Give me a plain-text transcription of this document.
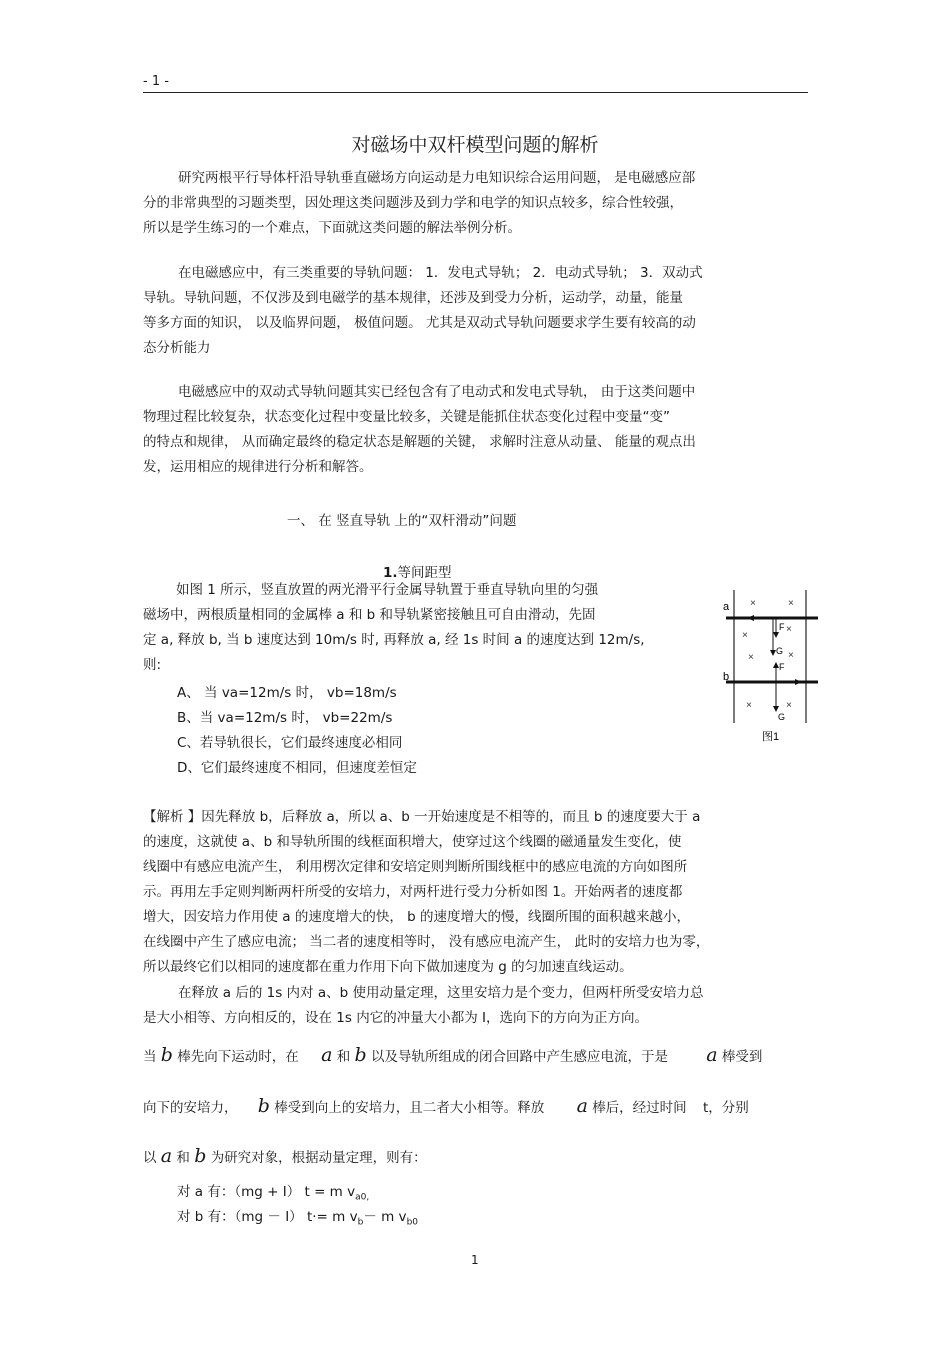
- 1 -
对磁场中双杆模型问题的解析
研究两根平行导体杆沿导轨垂直磁场方向运动是力电知识综合运用问题， 是电磁感应部
分的非常典型的习题类型，因处理这类问题涉及到力学和电学的知识点较多，综合性较强，
所以是学生练习的一个难点，下面就这类问题的解法举例分析。
在电磁感应中，有三类重要的导轨问题： 1．发电式导轨； 2．电动式导轨； 3．双动式
导轨。导轨问题，不仅涉及到电磁学的基本规律，还涉及到受力分析，运动学，动量，能量
等多方面的知识， 以及临界问题， 极值问题。 尤其是双动式导轨问题要求学生要有较高的动
态分析能力
电磁感应中的双动式导轨问题其实已经包含有了电动式和发电式导轨， 由于这类问题中
物理过程比较复杂，状态变化过程中变量比较多，关键是能抓住状态变化过程中变量“变”
的特点和规律， 从而确定最终的稳定状态是解题的关键， 求解时注意从动量、 能量的观点出
发，运用相应的规律进行分析和解答。
一、 在 竖直导轨 上的“双杆滑动”问题
1.等间距型
如图 1 所示，竖直放置的两光滑平行金属导轨置于垂直导轨向里的匀强
磁场中，两根质量相同的金属棒 a 和 b 和导轨紧密接触且可自由滑动，先固
定 a, 释放 b, 当 b 速度达到 10m/s 时, 再释放 a, 经 1s 时间 a 的速度达到 12m/s,
则:
A、 当 va=12m/s 时， vb=18m/s
B、当 va=12m/s 时， vb=22m/s
C、若导轨很长，它们最终速度必相同
D、它们最终速度不相同，但速度差恒定
a
b
×	×
×
×
×	×
×	×
F
G
F
G
图1
【解析 】因先释放 b，后释放 a，所以 a、b 一开始速度是不相等的，而且 b 的速度要大于 a
的速度，这就使 a、b 和导轨所围的线框面积增大，使穿过这个线圈的磁通量发生变化，使
线圈中有感应电流产生， 利用楞次定律和安培定则判断所围线框中的感应电流的方向如图所
示。再用左手定则判断两杆所受的安培力，对两杆进行受力分析如图 1。开始两者的速度都
增大，因安培力作用使 a 的速度增大的快， b 的速度增大的慢，线圈所围的面积越来越小，
在线圈中产生了感应电流； 当二者的速度相等时， 没有感应电流产生， 此时的安培力也为零，
所以最终它们以相同的速度都在重力作用下向下做加速度为 g 的匀加速直线运动。
在释放 a 后的 1s 内对 a、b 使用动量定理，这里安培力是个变力，但两杆所受安培力总
是大小相等、方向相反的，设在 1s 内它的冲量大小都为 I，选向下的方向为正方向。
当 b 棒先向下运动时，在 a 和 b 以及导轨所组成的闭合回路中产生感应电流，于是 a 棒受到
向下的安培力， b 棒受到向上的安培力，且二者大小相等。释放 a 棒后，经过时间 t，分别
以 a 和 b 为研究对象，根据动量定理，则有：
对 a 有：（mg + I） t = m $v_{a0,}$
对 b 有：（mg － I） t·= m $v_b- m$ $v_{b0}$
1
